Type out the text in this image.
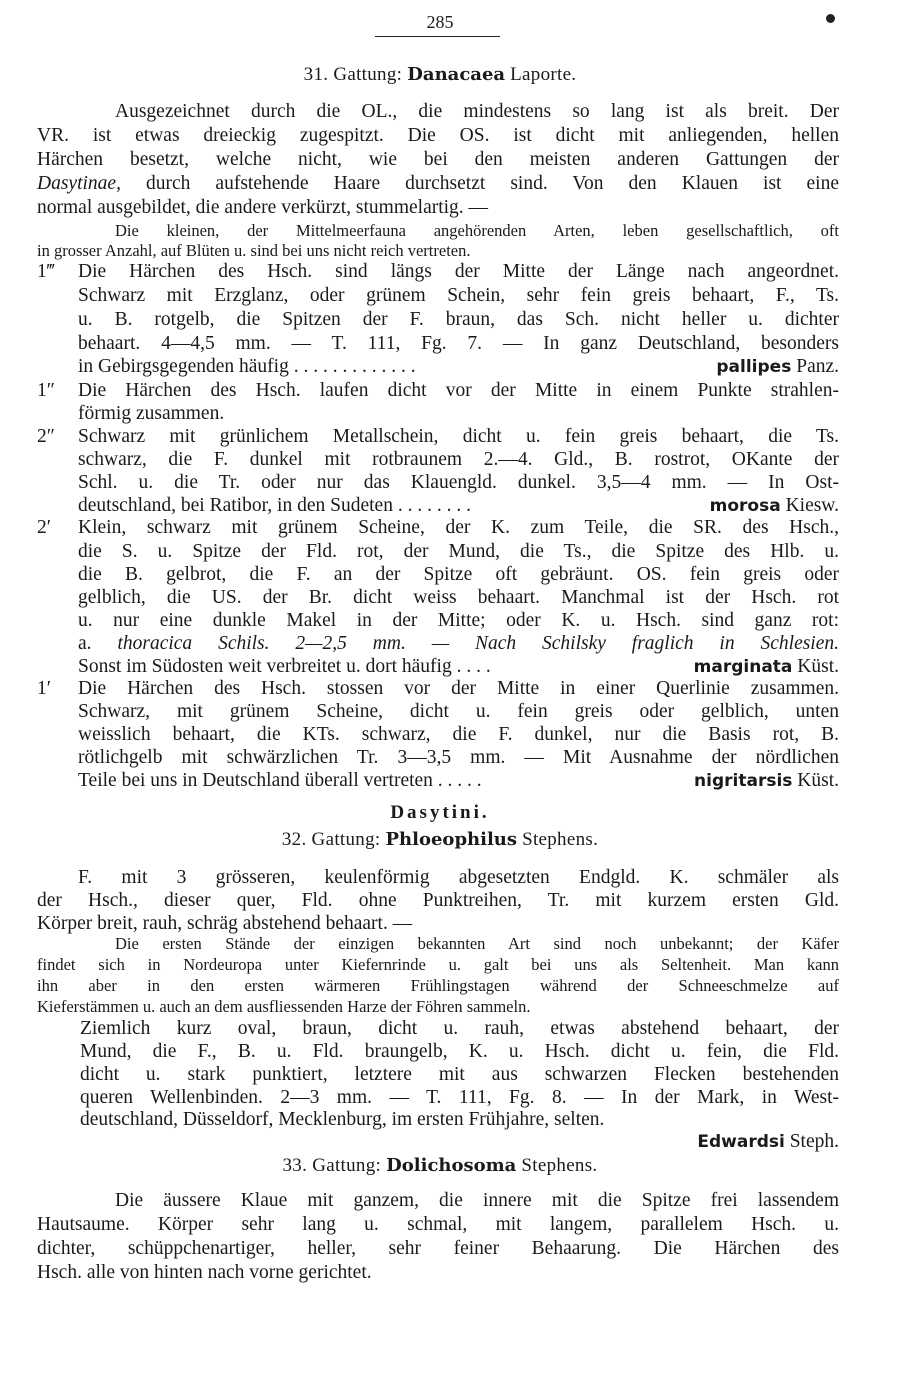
285
31. Gattung: Danacaea Laporte.
Ausgezeichnet durch die OL., die mindestens so lang ist als breit. Der
VR. ist etwas dreieckig zugespitzt. Die OS. ist dicht mit anliegenden, hellen
Härchen besetzt, welche nicht, wie bei den meisten anderen Gattungen der
Dasytinae, durch aufstehende Haare durchsetzt sind. Von den Klauen ist eine
normal ausgebildet, die andere verkürzt, stummelartig. —
Die kleinen, der Mittelmeerfauna angehörenden Arten, leben gesellschaftlich, oft
in grosser Anzahl, auf Blüten u. sind bei uns nicht reich vertreten.
1‴	Die Härchen des Hsch. sind längs der Mitte der Länge nach angeordnet.
Schwarz mit Erzglanz, oder grünem Schein, sehr fein greis behaart, F., Ts.
u. B. rotgelb, die Spitzen der F. braun, das Sch. nicht heller u. dichter
behaart. 4—4,5 mm. — T. 111, Fg. 7. — In ganz Deutschland, besonders
in Gebirgsgegenden häufig . . . . . . . . . . . . .	pallipes Panz.
1″	Die Härchen des Hsch. laufen dicht vor der Mitte in einem Punkte strahlen-
förmig zusammen.
2″	Schwarz mit grünlichem Metallschein, dicht u. fein greis behaart, die Ts.
schwarz, die F. dunkel mit rotbraunem 2.—4. Gld., B. rostrot, OKante der
Schl. u. die Tr. oder nur das Klauengld. dunkel. 3,5—4 mm. — In Ost-
deutschland, bei Ratibor, in den Sudeten . . . . . . . .	morosa Kiesw.
2′	Klein, schwarz mit grünem Scheine, der K. zum Teile, die SR. des Hsch.,
die S. u. Spitze der Fld. rot, der Mund, die Ts., die Spitze des Hlb. u.
die B. gelbrot, die F. an der Spitze oft gebräunt. OS. fein greis oder
gelblich, die US. der Br. dicht weiss behaart. Manchmal ist der Hsch. rot
u. nur eine dunkle Makel in der Mitte; oder K. u. Hsch. sind ganz rot:
a. thoracica Schils. 2—2,5 mm. — Nach Schilsky fraglich in Schlesien.
Sonst im Südosten weit verbreitet u. dort häufig . . . .	marginata Küst.
1′	Die Härchen des Hsch. stossen vor der Mitte in einer Querlinie zusammen.
Schwarz, mit grünem Scheine, dicht u. fein greis oder gelblich, unten
weisslich behaart, die KTs. schwarz, die F. dunkel, nur die Basis rot, B.
rötlichgelb mit schwärzlichen Tr. 3—3,5 mm. — Mit Ausnahme der nördlichen
Teile bei uns in Deutschland überall vertreten . . . . .	nigritarsis Küst.
Dasytini.
32. Gattung: Phloeophilus Stephens.
F. mit 3 grösseren, keulenförmig abgesetzten Endgld. K. schmäler als
der Hsch., dieser quer, Fld. ohne Punktreihen, Tr. mit kurzem ersten Gld.
Körper breit, rauh, schräg abstehend behaart. —
Die ersten Stände der einzigen bekannten Art sind noch unbekannt; der Käfer
findet sich in Nordeuropa unter Kiefernrinde u. galt bei uns als Seltenheit. Man kann
ihn aber in den ersten wärmeren Frühlingstagen während der Schneeschmelze auf
Kieferstämmen u. auch an dem ausfliessenden Harze der Föhren sammeln.
Ziemlich kurz oval, braun, dicht u. rauh, etwas abstehend behaart, der
Mund, die F., B. u. Fld. braungelb, K. u. Hsch. dicht u. fein, die Fld.
dicht u. stark punktiert, letztere mit aus schwarzen Flecken bestehenden
queren Wellenbinden. 2—3 mm. — T. 111, Fg. 8. — In der Mark, in West-
deutschland, Düsseldorf, Mecklenburg, im ersten Frühjahre, selten.
Edwardsi Steph.
33. Gattung: Dolichosoma Stephens.
Die äussere Klaue mit ganzem, die innere mit die Spitze frei lassendem
Hautsaume. Körper sehr lang u. schmal, mit langem, parallelem Hsch. u.
dichter, schüppchenartiger, heller, sehr feiner Behaarung. Die Härchen des
Hsch. alle von hinten nach vorne gerichtet.
